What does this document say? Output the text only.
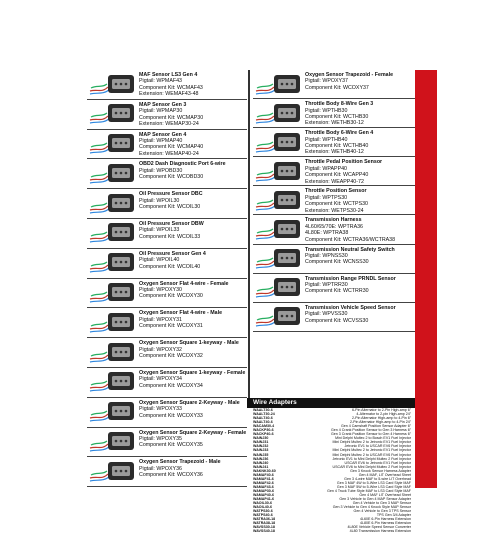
MAF Sensor LS3 Gen 4
Pigtail: WPMAF43
Component Kit: WCMAF43
Extension: WEMAF43-48
MAP Sensor Gen 3
Pigtail: WPMAP30
Component Kit: WCMAP30
Extension: WEMAP30-24
MAP Sensor Gen 4
Pigtail: WPMAP40
Component Kit: WCMAP40
Extension: WEMAP40-24
OBD2 Dash Diagnostic Port 6-wire
Pigtail: WPOBD30
Component Kit: WCOBD30
Oil Pressure Sensor DBC
Pigtail: WPOIL30
Component Kit: WCOIL30
Oil Pressure Sensor DBW
Pigtail: WPOIL33
Component Kit: WCOIL33
Oil Pressure Sensor Gen 4
Pigtail: WPOIL40
Component Kit: WCOIL40
Oxygen Sensor Flat 4-wire - Female
Pigtail: WPOXY30
Component Kit: WCOXY30
Oxygen Sensor Flat 4-wire - Male
Pigtail: WPOXY31
Component Kit: WCOXY31
Oxygen Sensor Square 1-keyway - Male
Pigtail: WPOXY32
Component Kit: WCOXY32
Oxygen Sensor Square 1-keyway - Female
Pigtail: WPOXY34
Component Kit: WCOXY34
Oxygen Sensor Square 2-Keyway - Male
Pigtail: WPOXY33
Component Kit: WCOXY33
Oxygen Sensor Square 2-Keyway - Female
Pigtail: WPOXY35
Component Kit: WCOXY35
Oxygen Sensor Trapezoid - Male
Pigtail: WPOXY36
Component Kit: WCOXY36
Oxygen Sensor Trapezoid - Female
Pigtail: WPOXY37
Component Kit: WCOXY37
Throttle Body 8-Wire Gen 3
Pigtail: WPTHB30
Component Kit: WCTHB30
Extension: WETHB30-12
Throttle Body 6-Wire Gen 4
Pigtail: WPTHB40
Component Kit: WCTHB40
Extension: WETHB40-12
Throttle Pedal Position Sensor
Pigtail: WPAPP40
Component Kit: WCAPP40
Extension: WEAPP40-72
Throttle Position Sensor
Pigtail: WPTPS30
Component Kit: WCTPS30
Extension: WETPS30-24
Transmission Harness
4L60/65/70E: WPTRA36
4L80E: WPTRA38
Component Kit: WCTRA36/WCTRA38
Transmission Neutral Safety Switch
Pigtail: WPNSS30
Component Kit: WCNSS30
Transmission Range PRNDL Sensor
Pigtail: WPTRR30
Component Kit: WCTRR30
Transmission Vehicle Speed Sensor
Pigtail: WPVSS30
Component Kit: WCVSS30
Wire Adapters
WAALT30-6	6-Pin Alternator to 2-Pin High-amp 6"
WAALT30-24	4-Alternator to 2-pin High-amp 24"
WAALT40-6	2-Pin Alternator High-amp to 4-Pin 6"
WAALT40-6	2-Pin Alternator High-amp to 4-Pin 24"
WACAM30-4	Gen 4 Camshaft Position Sensor Adapter 6"
WACKP30-6	Gen 4 Crank Position Sensor to Gen 3 Harness 6"
WACKP40-6	Gen 3 Crank Position Sensor to Gen 4 Harness 6"
WAINJ30	Mini Delphi Multec 2 to Bosch EV1 Fuel Injector
WAINJ31	Mini Delphi Multec 2 to Jetronic EV1 Fuel Injector
WAINJ32	Jetronic EV1 to USCAR EV6 Fuel Injector
WAINJ33	Mini Delphi Multec 2 to Jetronic EV1 Fuel Injector
WAINJ35	Mini Delphi Multec 2 to USCAR EV6 Fuel Injector
WAINJ36	Jetronic EV1 to Mini Delphi Multec 2 Fuel Injector
WAINJ40	USCAR EV6 to Jetronic EV1 Fuel Injector
WAINJ41	USCAR EV6 to Mini Delphi Multec 2 Fuel Injector
WAKNK30-60	Gen 3 Knock Sensor Harness Adapter
WAMAF40-6	Gen 4 MAF, LIT Overhead Sheet
WAMAF41-6	Gen 3 4-wire MAF to 5-wire LIT Overhead
WAMAF42-6	Gen 3 MAF 4W to 5-Wire LS3 Card Style MAF
WAMAF43-6	Gen 3 MAF 5W to 5-Wire LS3 Card Style MAF
WAMAP30-6	Gen 4 Truck Tube Style MAF to LS3 Card Style MAF
WAMAP40-6	Gen 4 MAF LIT Overhead Sheet
WAMAP41-6	Gen 3 Vehicle to Gen 4 MAP Sensor Adapter
WAOIL30-6	Gen 4 Vehicle to Gen 3 MAP Sensor
WAOIL40-6	Gen 3 Vehicle to Gen 4 Knock Style MAP Sensor
WATPS30-6	Gen 4 Vehicle to Gen 3 TPS Sensor
WATPS40-6	TPS Gen 3/4 Adapter
WATRA36-18	4L60E 6-Pin Harness Extension
WATRA38-18	4L80E 6-Pin Harness Extension
WAVSS30-18	4L80E Vehicle Speed Sensor Converter
WAVSS40-18	4L80 Transmission Harness Extension
